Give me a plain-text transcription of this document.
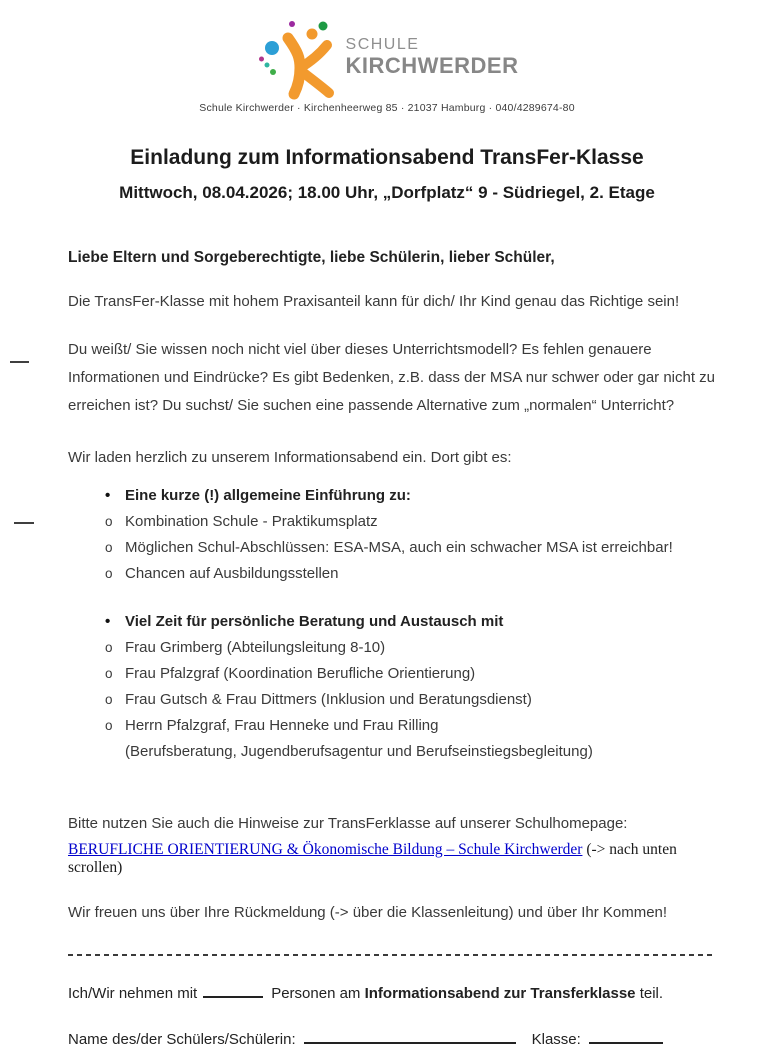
SCHULE
KIRCHWERDER
Schule Kirchwerder · Kirchenheerweg 85 · 21037 Hamburg · 040/4289674-80
Einladung zum Informationsabend TransFer-Klasse
Mittwoch, 08.04.2026; 18.00 Uhr, „Dorfplatz“ 9 - Südriegel, 2. Etage

Liebe Eltern und Sorgeberechtigte, liebe Schülerin, lieber Schüler,

Die TransFer-Klasse mit hohem Praxisanteil kann für dich/ Ihr Kind genau das Richtige sein!

Du weißt/ Sie wissen noch nicht viel über dieses Unterrichtsmodell? Es fehlen genauere Informationen und Eindrücke? Es gibt Bedenken, z.B. dass der MSA nur schwer oder gar nicht zu erreichen ist? Du suchst/ Sie suchen eine passende Alternative zum „normalen“ Unterricht?

Wir laden herzlich zu unserem Informationsabend ein. Dort gibt es:

• Eine kurze (!) allgemeine Einführung zu:
o Kombination Schule - Praktikumsplatz
o Möglichen Schul-Abschlüssen: ESA-MSA, auch ein schwacher MSA ist erreichbar!
o Chancen auf Ausbildungsstellen
• Viel Zeit für persönliche Beratung und Austausch mit
o Frau Grimberg (Abteilungsleitung 8-10)
o Frau Pfalzgraf (Koordination Berufliche Orientierung)
o Frau Gutsch & Frau Dittmers (Inklusion und Beratungsdienst)
o Herrn Pfalzgraf, Frau Henneke und Frau Rilling
(Berufsberatung, Jugendberufsagentur und Berufseinstiegsbegleitung)

Bitte nutzen Sie auch die Hinweise zur TransFerklasse auf unserer Schulhomepage:

BERUFLICHE ORIENTIERUNG & Ökonomische Bildung – Schule Kirchwerder (-> nach unten scrollen)

Wir freuen uns über Ihre Rückmeldung (-> über die Klassenleitung) und über Ihr Kommen!

Ich/Wir nehmen mit	Personen am Informationsabend zur Transferklasse teil.

Name des/der Schülers/Schülerin:	Klasse:
